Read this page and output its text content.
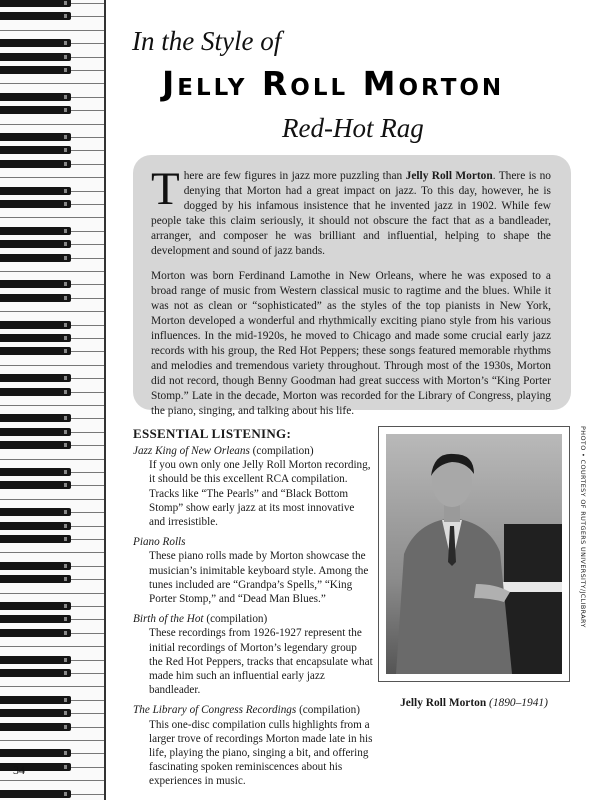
In the Style of
Jelly Roll Morton
Red-Hot Rag

There are few figures in jazz more puzzling than Jelly Roll Morton. There is no denying that Morton had a great impact on jazz. To this day, however, he is dogged by his infamous insistence that he invented jazz in 1902. While few people take this claim seriously, it should not obscure the fact that as a bandleader, arranger, and composer he was brilliant and influential, helping to shape the development and sound of jazz bands.

Morton was born Ferdinand Lamothe in New Orleans, where he was exposed to a broad range of music from Western classical music to ragtime and the blues. While it was not as clean or “sophisticated” as the styles of the top pianists in New York, Morton developed a wonderful and rhythmically exciting piano style from his various influences. In the mid-1920s, he moved to Chicago and made some crucial early jazz records with his group, the Red Hot Peppers; these songs featured memorable rhythms and melodies and tremendous variety throughout. Through most of the 1930s, Morton did not record, though Benny Goodman had great success with Morton’s “King Porter Stomp.” Late in the decade, Morton was recorded for the Library of Congress, playing the piano, singing, and talking about his life.

ESSENTIAL LISTENING:
Jazz King of New Orleans (compilation)
If you own only one Jelly Roll Morton recording, it should be this excellent RCA compilation. Tracks like “The Pearls” and “Black Bottom Stomp” show early jazz at its most innovative and irresistible.
Piano Rolls
These piano rolls made by Morton showcase the musician’s inimitable keyboard style. Among the tunes included are “Grandpa’s Spells,” “King Porter Stomp,” and “Dead Man Blues.”
Birth of the Hot (compilation)
These recordings from 1926-1927 represent the initial recordings of Morton’s legendary group the Red Hot Peppers, tracks that encapsulate what made him such an influential early jazz bandleader.
The Library of Congress Recordings (compilation)
This one-disc compilation culls highlights from a larger trove of recordings Morton made late in his life, playing the piano, singing a bit, and offering fascinating spoken reminiscences about his experiences in music.
PHOTO • COURTESY OF RUTGERS UNIVERSITY/JCLIBRARY
Jelly Roll Morton (1890–1941)
34
